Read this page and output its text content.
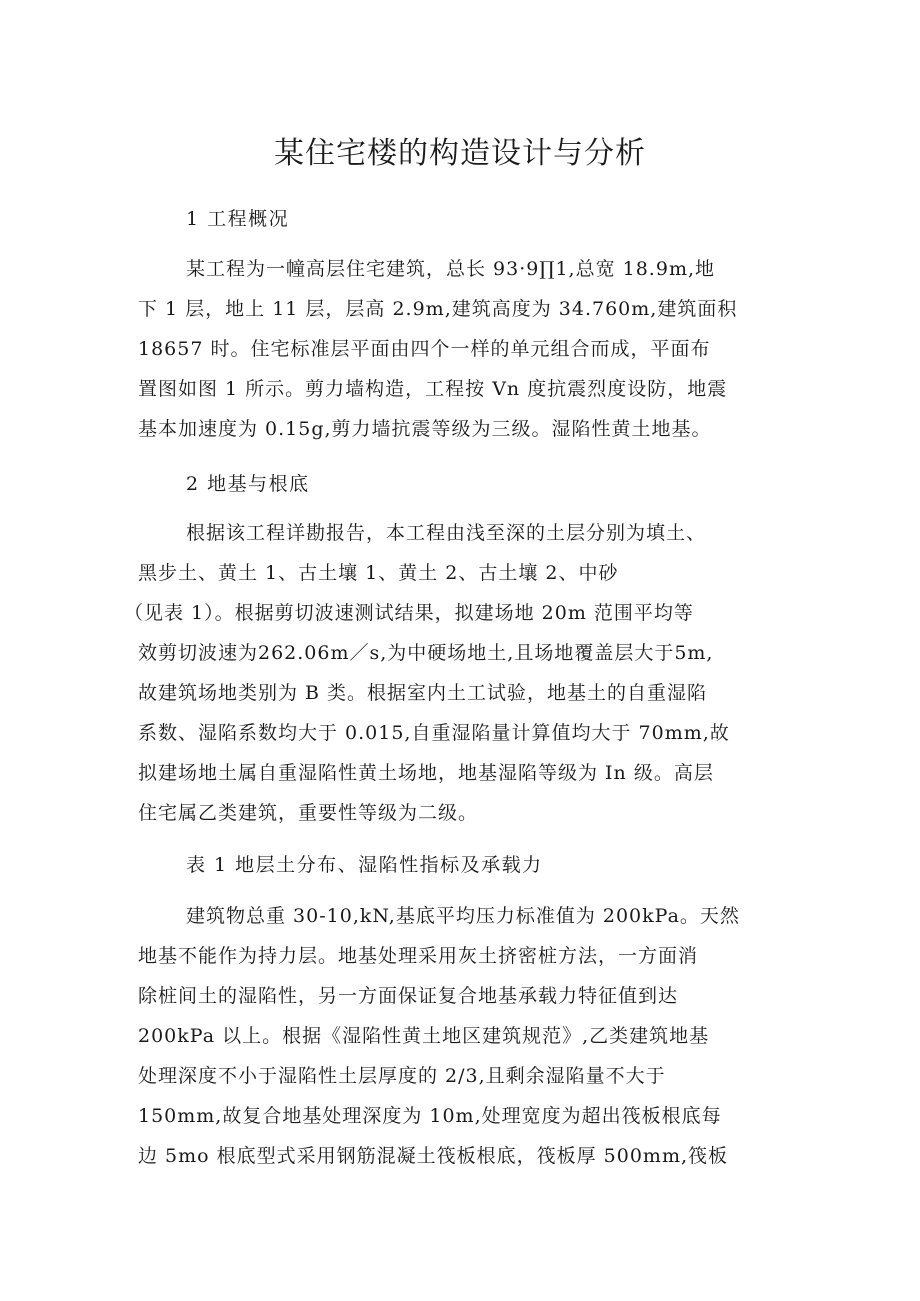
某住宅楼的构造设计与分析

1 工程概况

某工程为一幢高层住宅建筑，总长 93·9∏1,总宽 18.9m,地
下 1 层，地上 11 层，层高 2.9m,建筑高度为 34.760m,建筑面积
18657 时。住宅标准层平面由四个一样的单元组合而成，平面布
置图如图 1 所示。剪力墙构造，工程按 Vn 度抗震烈度设防，地震
基本加速度为 0.15g,剪力墙抗震等级为三级。湿陷性黄土地基。

2 地基与根底

根据该工程详勘报告，本工程由浅至深的土层分别为填土、
黑步土、黄土 1、古土壤 1、黄土 2、古土壤 2、中砂
（见表 1）。根据剪切波速测试结果，拟建场地 20m 范围平均等
效剪切波速为262.06m／s,为中硬场地土,且场地覆盖层大于5m,
故建筑场地类别为 B 类。根据室内土工试验，地基土的自重湿陷
系数、湿陷系数均大于 0.015,自重湿陷量计算值均大于 70mm,故
拟建场地土属自重湿陷性黄土场地，地基湿陷等级为 In 级。高层
住宅属乙类建筑，重要性等级为二级。

表 1 地层土分布、湿陷性指标及承载力

建筑物总重 30-10,kN,基底平均压力标准值为 200kPa。天然
地基不能作为持力层。地基处理采用灰土挤密桩方法，一方面消
除桩间土的湿陷性，另一方面保证复合地基承载力特征值到达
200kPa 以上。根据《湿陷性黄土地区建筑规范》,乙类建筑地基
处理深度不小于湿陷性土层厚度的 2/3,且剩余湿陷量不大于
150mm,故复合地基处理深度为 10m,处理宽度为超出筏板根底每
边 5mo 根底型式采用钢筋混凝土筏板根底，筏板厚 500mm,筏板
